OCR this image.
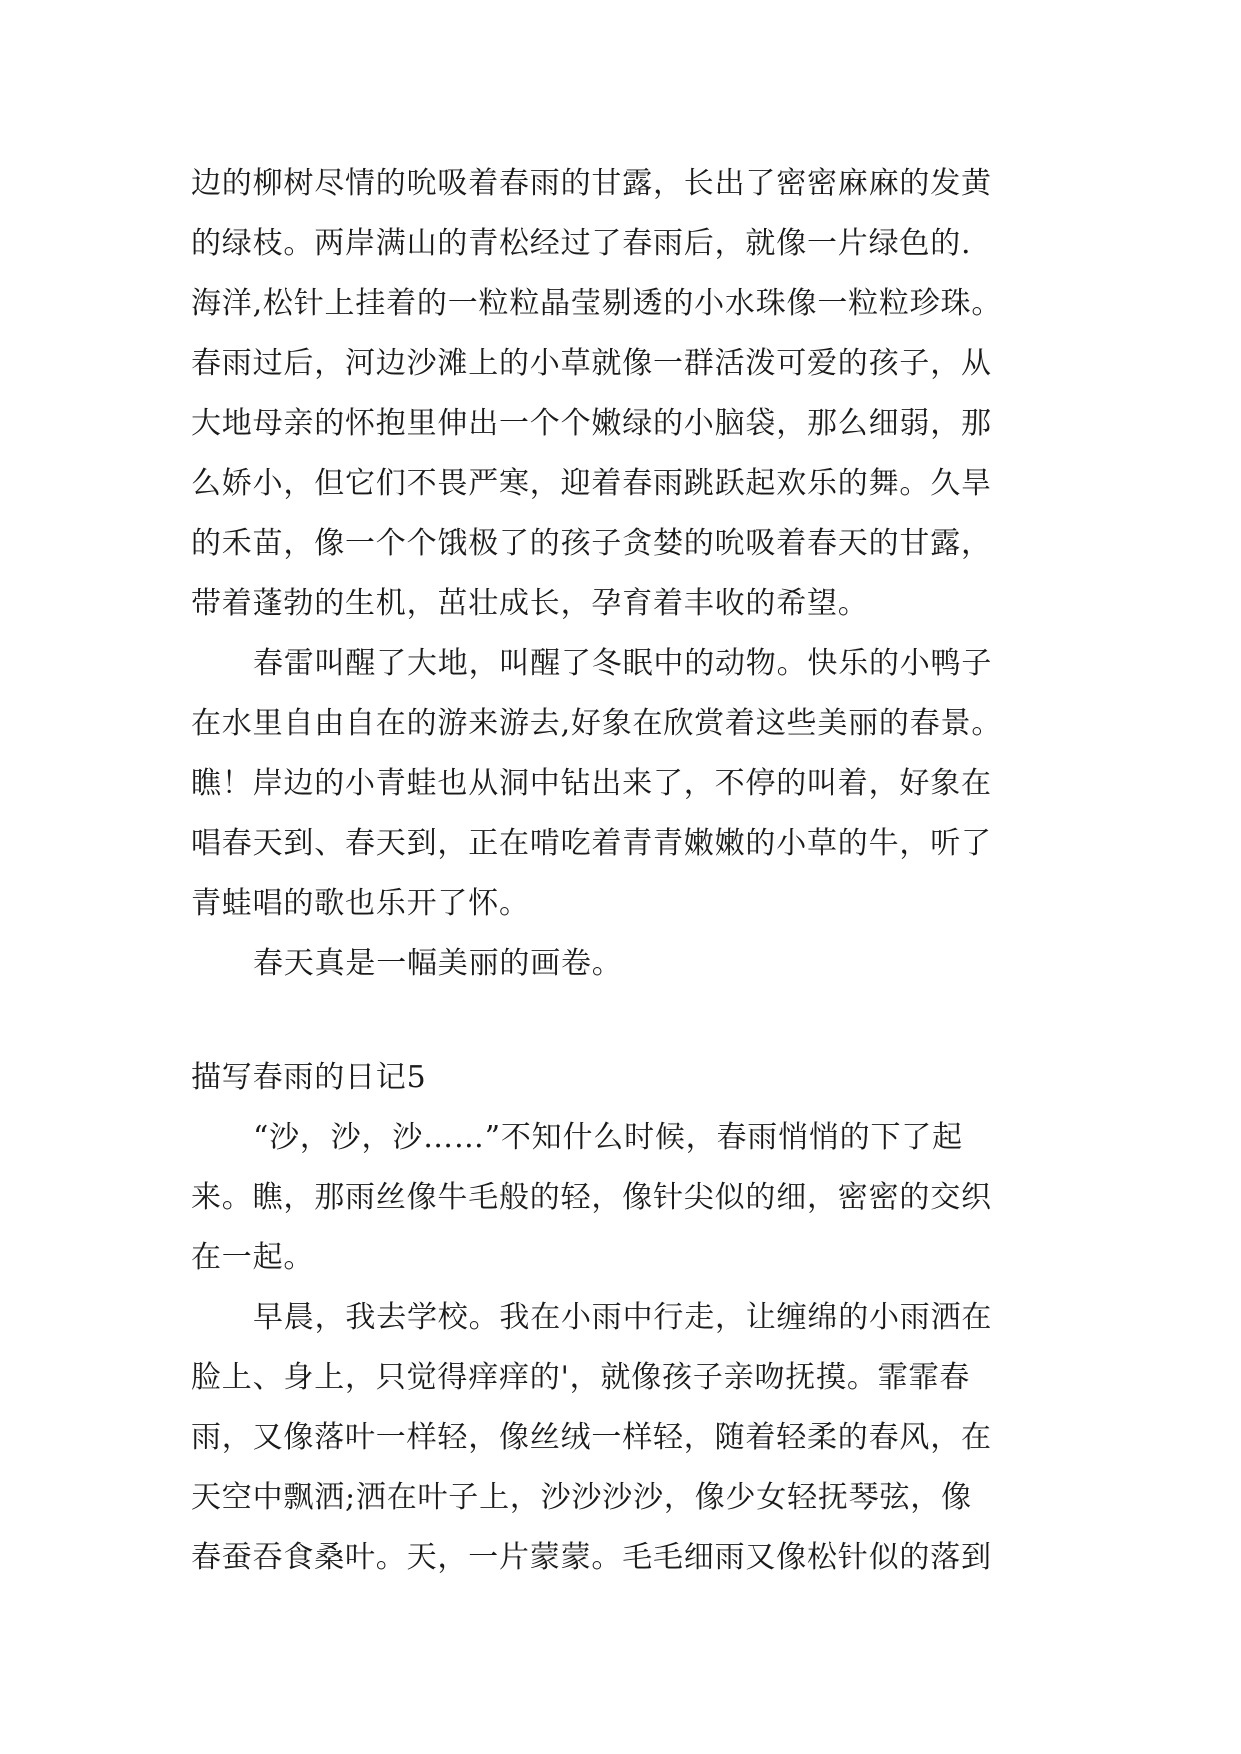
边的柳树尽情的吮吸着春雨的甘露，长出了密密麻麻的发黄
的绿枝。两岸满山的青松经过了春雨后，就像一片绿色的.
海洋,松针上挂着的一粒粒晶莹剔透的小水珠像一粒粒珍珠。
春雨过后，河边沙滩上的小草就像一群活泼可爱的孩子，从
大地母亲的怀抱里伸出一个个嫩绿的小脑袋，那么细弱，那
么娇小，但它们不畏严寒，迎着春雨跳跃起欢乐的舞。久旱
的禾苗，像一个个饿极了的孩子贪婪的吮吸着春天的甘露，
带着蓬勃的生机，茁壮成长，孕育着丰收的希望。
春雷叫醒了大地，叫醒了冬眠中的动物。快乐的小鸭子
在水里自由自在的游来游去,好象在欣赏着这些美丽的春景。
瞧！岸边的小青蛙也从洞中钻出来了，不停的叫着，好象在
唱春天到、春天到，正在啃吃着青青嫩嫩的小草的牛，听了
青蛙唱的歌也乐开了怀。
春天真是一幅美丽的画卷。
描写春雨的日记5
“沙，沙，沙……”不知什么时候，春雨悄悄的下了起
来。瞧，那雨丝像牛毛般的轻，像针尖似的细，密密的交织
在一起。
早晨，我去学校。我在小雨中行走，让缠绵的小雨洒在
脸上、身上，只觉得痒痒的'，就像孩子亲吻抚摸。霏霏春
雨，又像落叶一样轻，像丝绒一样轻，随着轻柔的春风，在
天空中飘洒;洒在叶子上，沙沙沙沙，像少女轻抚琴弦，像
春蚕吞食桑叶。天，一片蒙蒙。毛毛细雨又像松针似的落到
